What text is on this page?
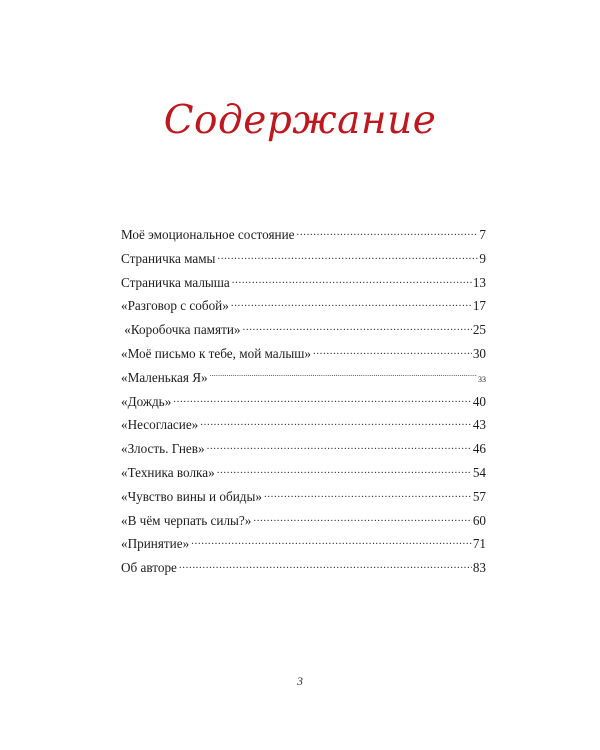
Содержание
Моё эмоциональное состояние .....	7
Страничка мамы .....	9
Страничка малыша .....	13
«Разговор с собой» .....	17
«Коробочка памяти» .....	25
«Моё письмо к тебе, мой малыш» .....	30
«Маленькая Я» .....	33
«Дождь» .....	40
«Несогласие» .....	43
«Злость. Гнев» .....	46
«Техника волка» .....	54
«Чувство вины и обиды» .....	57
«В чём черпать силы?» .....	60
«Принятие» .....	71
Об авторе .....	83
3
